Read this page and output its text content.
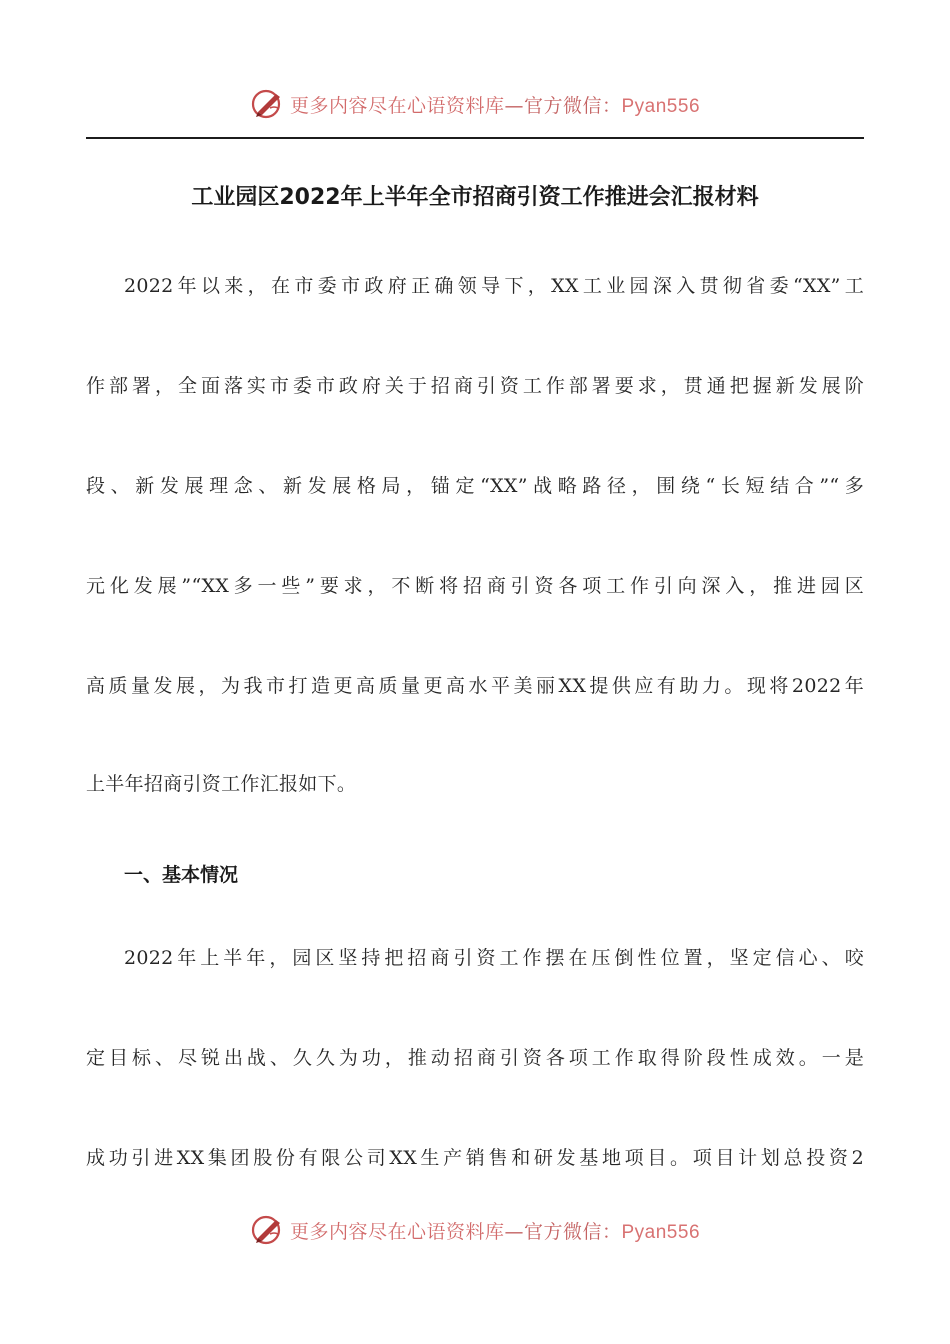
更多内容尽在心语资料库—官方微信：Pyan556
工业园区2022年上半年全市招商引资工作推进会汇报材料
2022年以来，在市委市政府正确领导下，XX工业园深入贯彻省委“XX”工
作部署，全面落实市委市政府关于招商引资工作部署要求，贯通把握新发展阶
段、新发展理念、新发展格局，锚定“XX”战略路径，围绕“长短结合”“多
元化发展”“XX多一些”要求，不断将招商引资各项工作引向深入，推进园区
高质量发展，为我市打造更高质量更高水平美丽XX提供应有助力。现将2022年
上半年招商引资工作汇报如下。
一、基本情况
2022年上半年，园区坚持把招商引资工作摆在压倒性位置，坚定信心、咬
定目标、尽锐出战、久久为功，推动招商引资各项工作取得阶段性成效。一是
成功引进XX集团股份有限公司XX生产销售和研发基地项目。项目计划总投资2
更多内容尽在心语资料库—官方微信：Pyan556
